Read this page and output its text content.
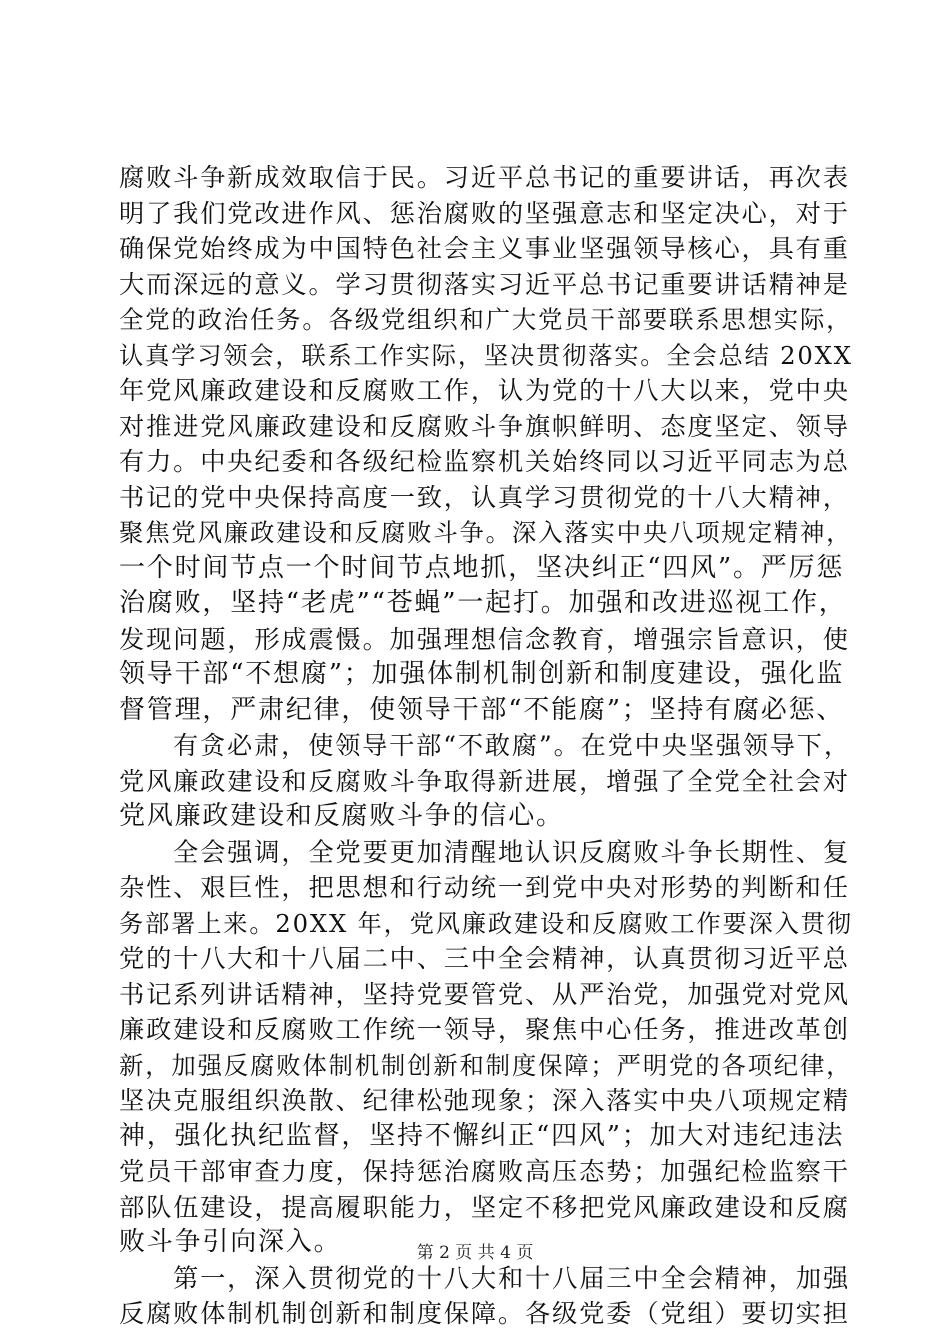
腐败斗争新成效取信于民。习近平总书记的重要讲话，再次表
明了我们党改进作风、惩治腐败的坚强意志和坚定决心，对于
确保党始终成为中国特色社会主义事业坚强领导核心，具有重
大而深远的意义。学习贯彻落实习近平总书记重要讲话精神是
全党的政治任务。各级党组织和广大党员干部要联系思想实际，
认真学习领会，联系工作实际，坚决贯彻落实。全会总结 20XX
年党风廉政建设和反腐败工作，认为党的十八大以来，党中央
对推进党风廉政建设和反腐败斗争旗帜鲜明、态度坚定、领导
有力。中央纪委和各级纪检监察机关始终同以习近平同志为总
书记的党中央保持高度一致，认真学习贯彻党的十八大精神，
聚焦党风廉政建设和反腐败斗争。深入落实中央八项规定精神，
一个时间节点一个时间节点地抓，坚决纠正“四风”。严厉惩
治腐败，坚持“老虎”“苍蝇”一起打。加强和改进巡视工作，
发现问题，形成震慑。加强理想信念教育，增强宗旨意识，使
领导干部“不想腐”；加强体制机制创新和制度建设，强化监
督管理，严肃纪律，使领导干部“不能腐”；坚持有腐必惩、
有贪必肃，使领导干部“不敢腐”。在党中央坚强领导下，
党风廉政建设和反腐败斗争取得新进展，增强了全党全社会对
党风廉政建设和反腐败斗争的信心。
全会强调，全党要更加清醒地认识反腐败斗争长期性、复
杂性、艰巨性，把思想和行动统一到党中央对形势的判断和任
务部署上来。20XX 年，党风廉政建设和反腐败工作要深入贯彻
党的十八大和十八届二中、三中全会精神，认真贯彻习近平总
书记系列讲话精神，坚持党要管党、从严治党，加强党对党风
廉政建设和反腐败工作统一领导，聚焦中心任务，推进改革创
新，加强反腐败体制机制创新和制度保障；严明党的各项纪律，
坚决克服组织涣散、纪律松弛现象；深入落实中央八项规定精
神，强化执纪监督，坚持不懈纠正“四风”；加大对违纪违法
党员干部审查力度，保持惩治腐败高压态势；加强纪检监察干
部队伍建设，提高履职能力，坚定不移把党风廉政建设和反腐
败斗争引向深入。
第一，深入贯彻党的十八大和十八届三中全会精神，加强
反腐败体制机制创新和制度保障。各级党委（党组）要切实担
第 2 页 共 4 页
